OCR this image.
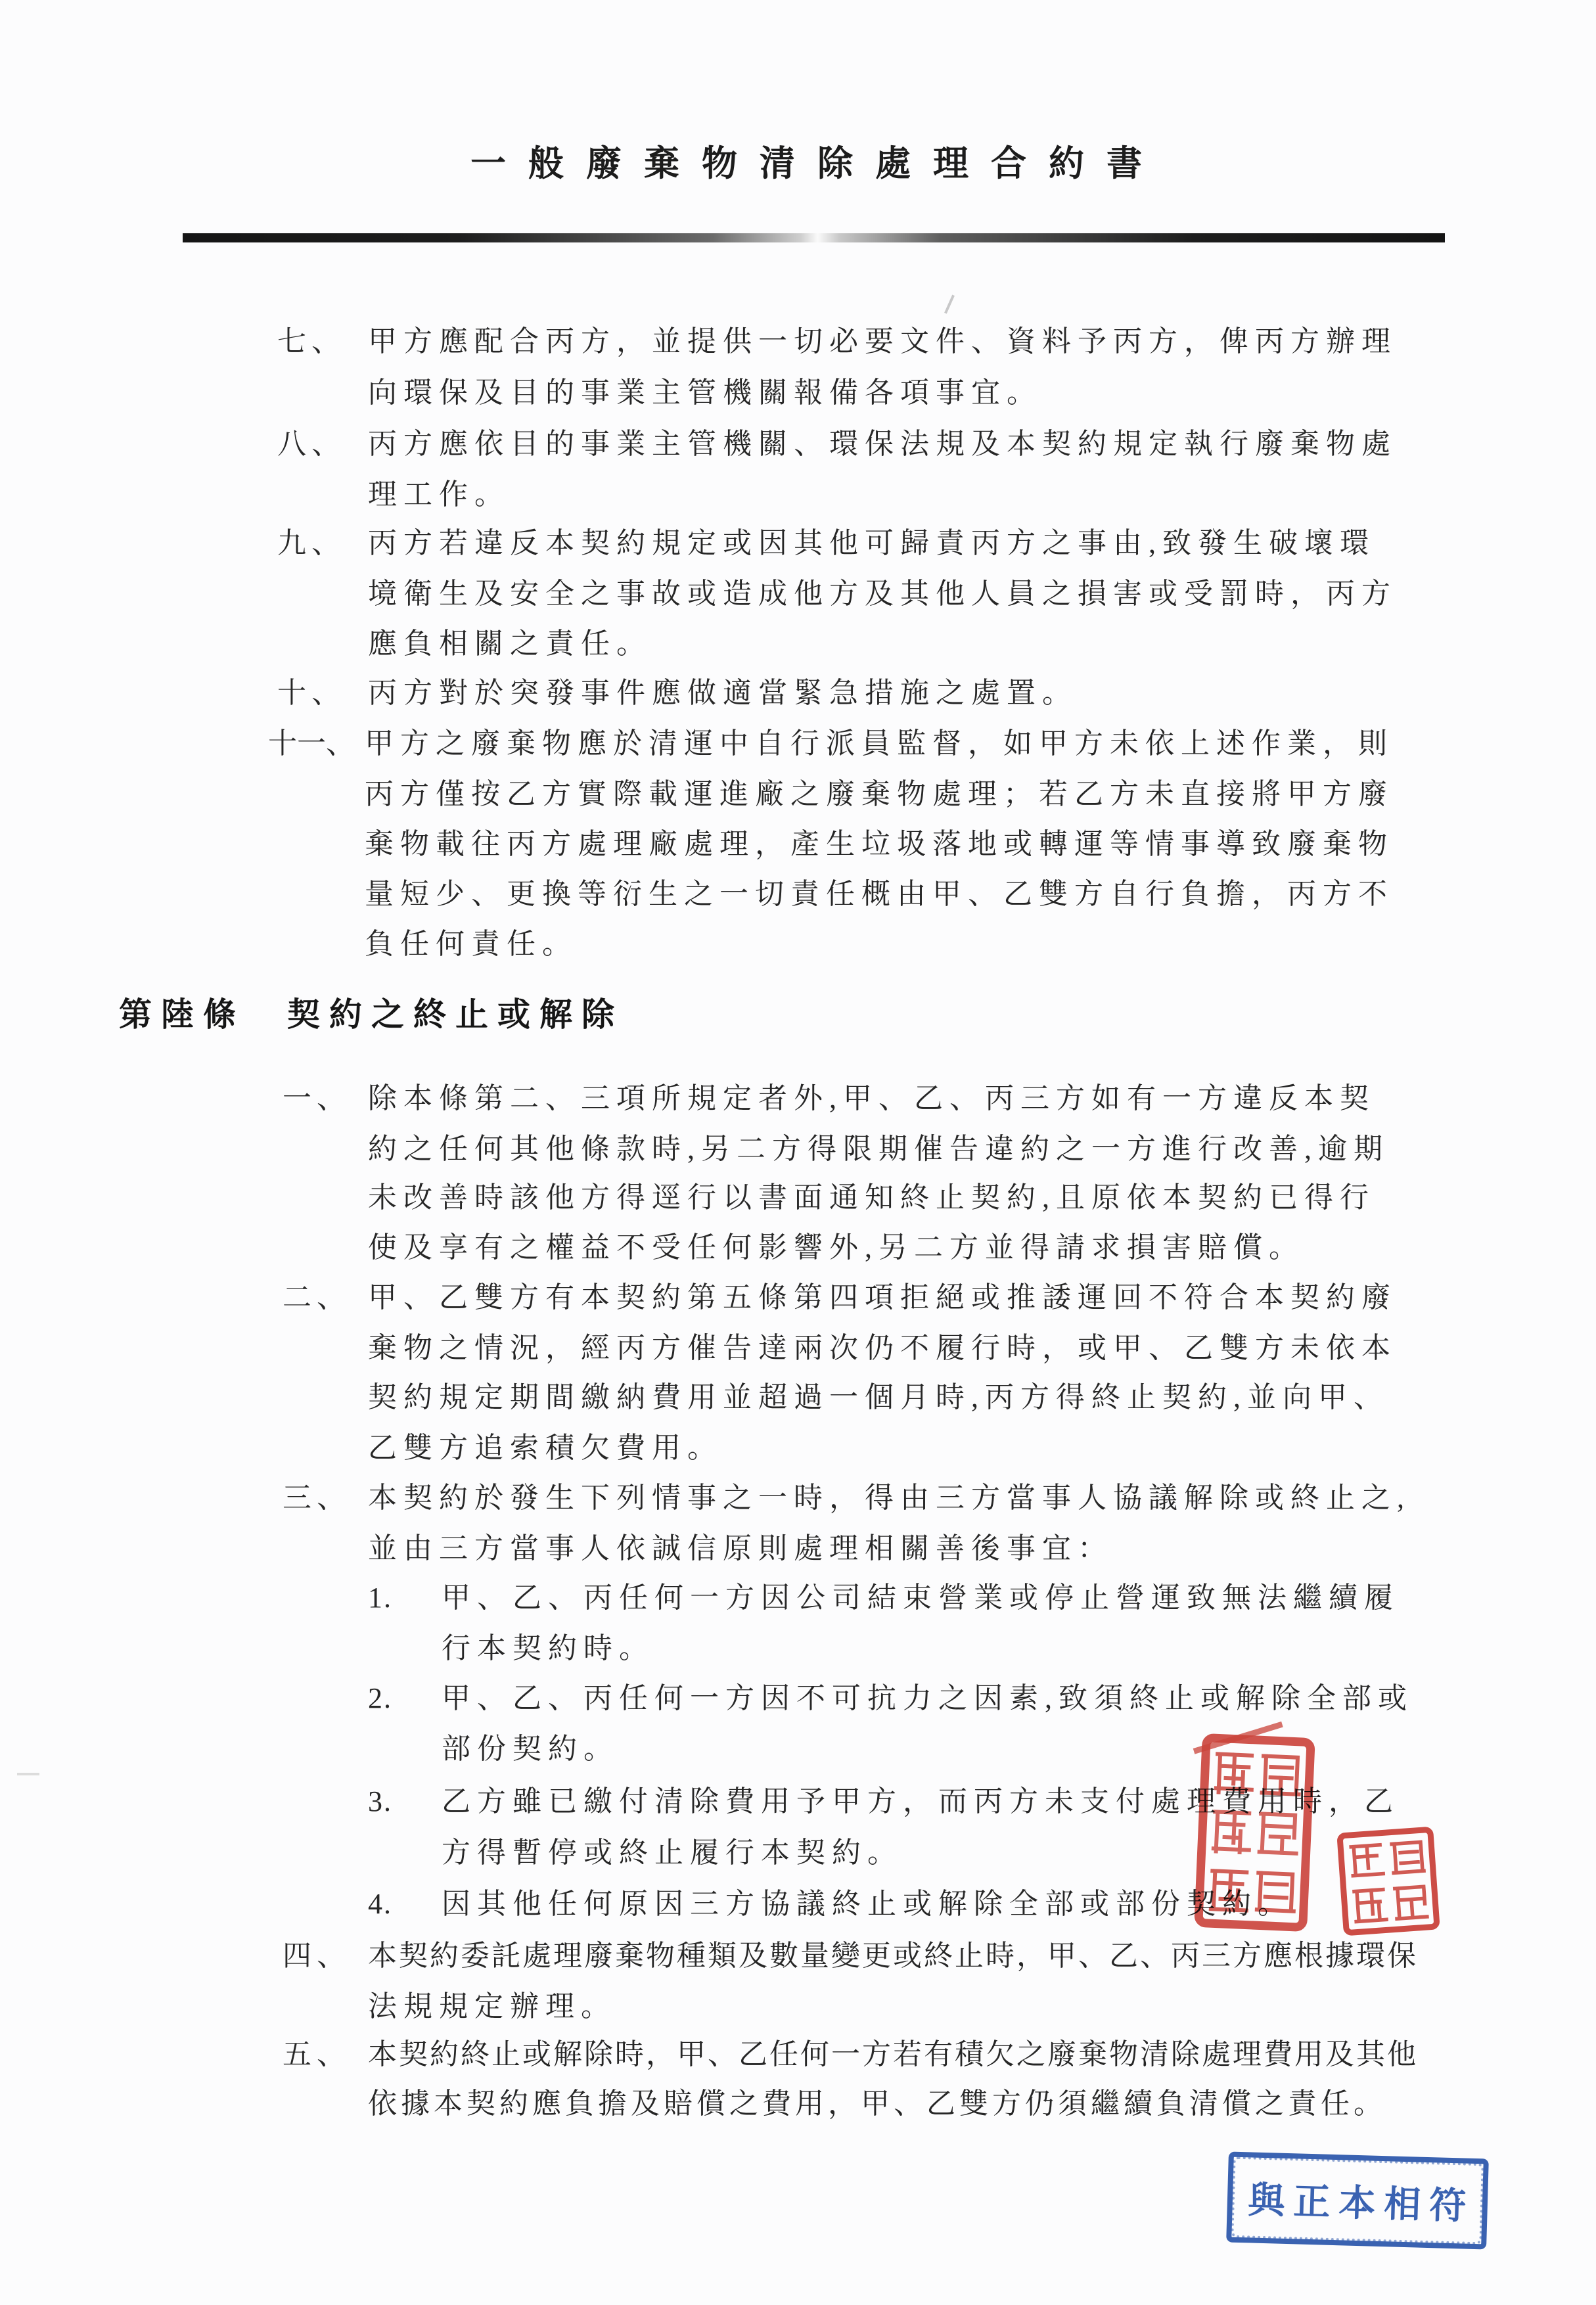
一般廢棄物清除處理合約書
七、 甲方應配合丙方，並提供一切必要文件、資料予丙方，俾丙方辦理
向環保及目的事業主管機關報備各項事宜。
八、 丙方應依目的事業主管機關、環保法規及本契約規定執行廢棄物處
理工作。
九、 丙方若違反本契約規定或因其他可歸責丙方之事由,致發生破壞環
境衛生及安全之事故或造成他方及其他人員之損害或受罰時，丙方
應負相關之責任。
十、 丙方對於突發事件應做適當緊急措施之處置。
十一、 甲方之廢棄物應於清運中自行派員監督，如甲方未依上述作業，則
丙方僅按乙方實際載運進廠之廢棄物處理；若乙方未直接將甲方廢
棄物載往丙方處理廠處理，產生垃圾落地或轉運等情事導致廢棄物
量短少、更換等衍生之一切責任概由甲、乙雙方自行負擔，丙方不
負任何責任。
第陸條 契約之終止或解除
一、 除本條第二、三項所規定者外,甲、乙、丙三方如有一方違反本契
約之任何其他條款時,另二方得限期催告違約之一方進行改善,逾期
未改善時該他方得逕行以書面通知終止契約,且原依本契約已得行
使及享有之權益不受任何影響外,另二方並得請求損害賠償。
二、 甲、乙雙方有本契約第五條第四項拒絕或推諉運回不符合本契約廢
棄物之情況，經丙方催告達兩次仍不履行時，或甲、乙雙方未依本
契約規定期間繳納費用並超過一個月時,丙方得終止契約,並向甲、
乙雙方追索積欠費用。
三、 本契約於發生下列情事之一時，得由三方當事人協議解除或終止之,
並由三方當事人依誠信原則處理相關善後事宜：
1. 甲、乙、丙任何一方因公司結束營業或停止營運致無法繼續履
行本契約時。
2. 甲、乙、丙任何一方因不可抗力之因素,致須終止或解除全部或
部份契約。
3. 乙方雖已繳付清除費用予甲方，而丙方未支付處理費用時，乙
方得暫停或終止履行本契約。
4. 因其他任何原因三方協議終止或解除全部或部份契約。
四、 本契約委託處理廢棄物種類及數量變更或終止時，甲、乙、丙三方應根據環保
法規規定辦理。
五、 本契約終止或解除時，甲、乙任何一方若有積欠之廢棄物清除處理費用及其他
依據本契約應負擔及賠償之費用，甲、乙雙方仍須繼續負清償之責任。
與正本相符
